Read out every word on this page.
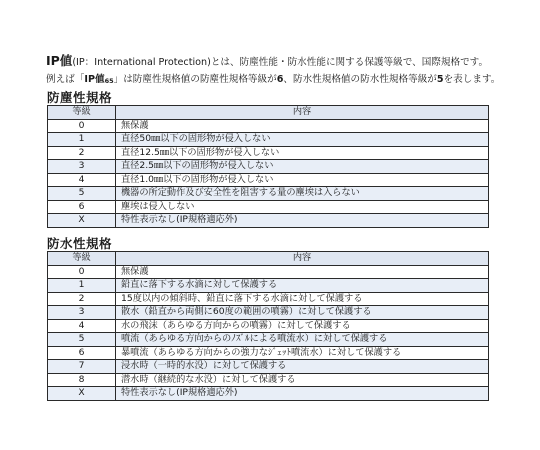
IP値(IP：International Protection)とは、防塵性能・防水性能に関する保護等級で、国際規格です。
例えば「IP値65」は防塵性規格値の防塵性規格等級が6、防水性規格値の防水性規格等級が5を表します。
防塵性規格
等級	内容
0	無保護
1	直径50㎜以下の固形物が侵入しない
2	直径12.5㎜以下の固形物が侵入しない
3	直径2.5㎜以下の固形物が侵入しない
4	直径1.0㎜以下の固形物が侵入しない
5	機器の所定動作及び安全性を阻害する量の塵埃は入らない
6	塵埃は侵入しない
X	特性表示なし(IP規格適応外)
防水性規格
等級	内容
0	無保護
1	鉛直に落下する水滴に対して保護する
2	15度以内の傾斜時、鉛直に落下する水滴に対して保護する
3	散水（鉛直から両側に60度の範囲の噴霧）に対して保護する
4	水の飛沫（あらゆる方向からの噴霧）に対して保護する
5	噴流（あらゆる方向からのﾉｽﾞﾙによる噴流水）に対して保護する
6	暴噴流（あらゆる方向からの強力なｼﾞｪｯﾄ噴流水）に対して保護する
7	浸水時（一時的水没）に対して保護する
8	潜水時（継続的な水没）に対して保護する
X	特性表示なし(IP規格適応外)
